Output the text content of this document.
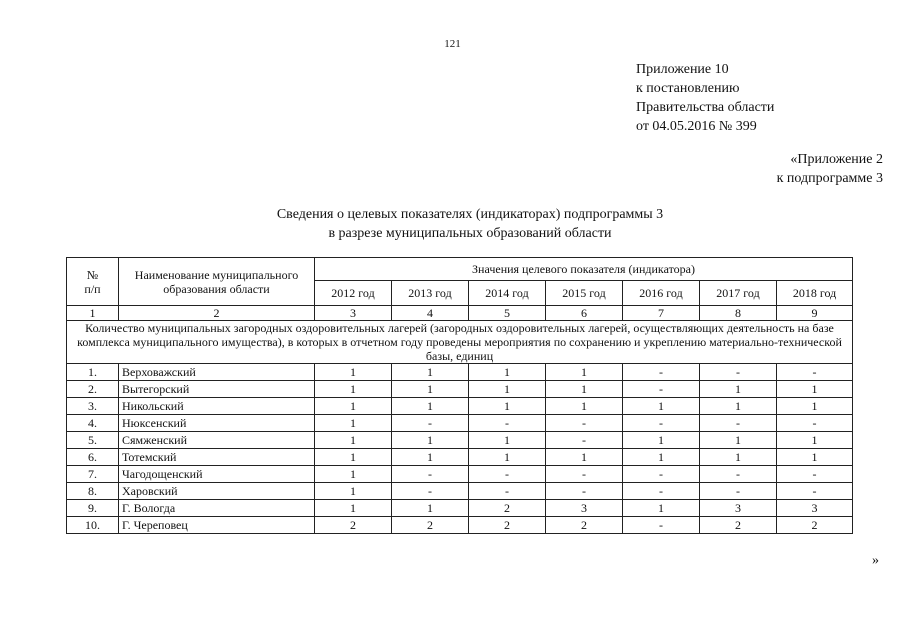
121
Приложение 10
к постановлению
Правительства области
от 04.05.2016 № 399
«Приложение 2
к подпрограмме 3
Сведения о целевых показателях (индикаторах) подпрограммы 3
в разрезе муниципальных образований области
№
п/п	Наименование муниципального образования области	Значения целевого показателя (индикатора)						
		2012 год	2013 год	2014 год	2015 год	2016 год	2017 год	2018 год
1	2	3	4	5	6	7	8	9
Количество муниципальных загородных оздоровительных лагерей (загородных оздоровительных лагерей, осуществляющих деятельность на базе комплекса муниципального имущества), в которых в отчетном году проведены мероприятия по сохранению и укреплению материально-технической базы, единиц								
1.	Верховажский	1	1	1	1	-	-	-
2.	Вытегорский	1	1	1	1	-	1	1
3.	Никольский	1	1	1	1	1	1	1
4.	Нюксенский	1	-	-	-	-	-	-
5.	Сямженский	1	1	1	-	1	1	1
6.	Тотемский	1	1	1	1	1	1	1
7.	Чагодощенский	1	-	-	-	-	-	-
8.	Харовский	1	-	-	-	-	-	-
9.	Г. Вологда	1	1	2	3	1	3	3
10.	Г. Череповец	2	2	2	2	-	2	2
»
